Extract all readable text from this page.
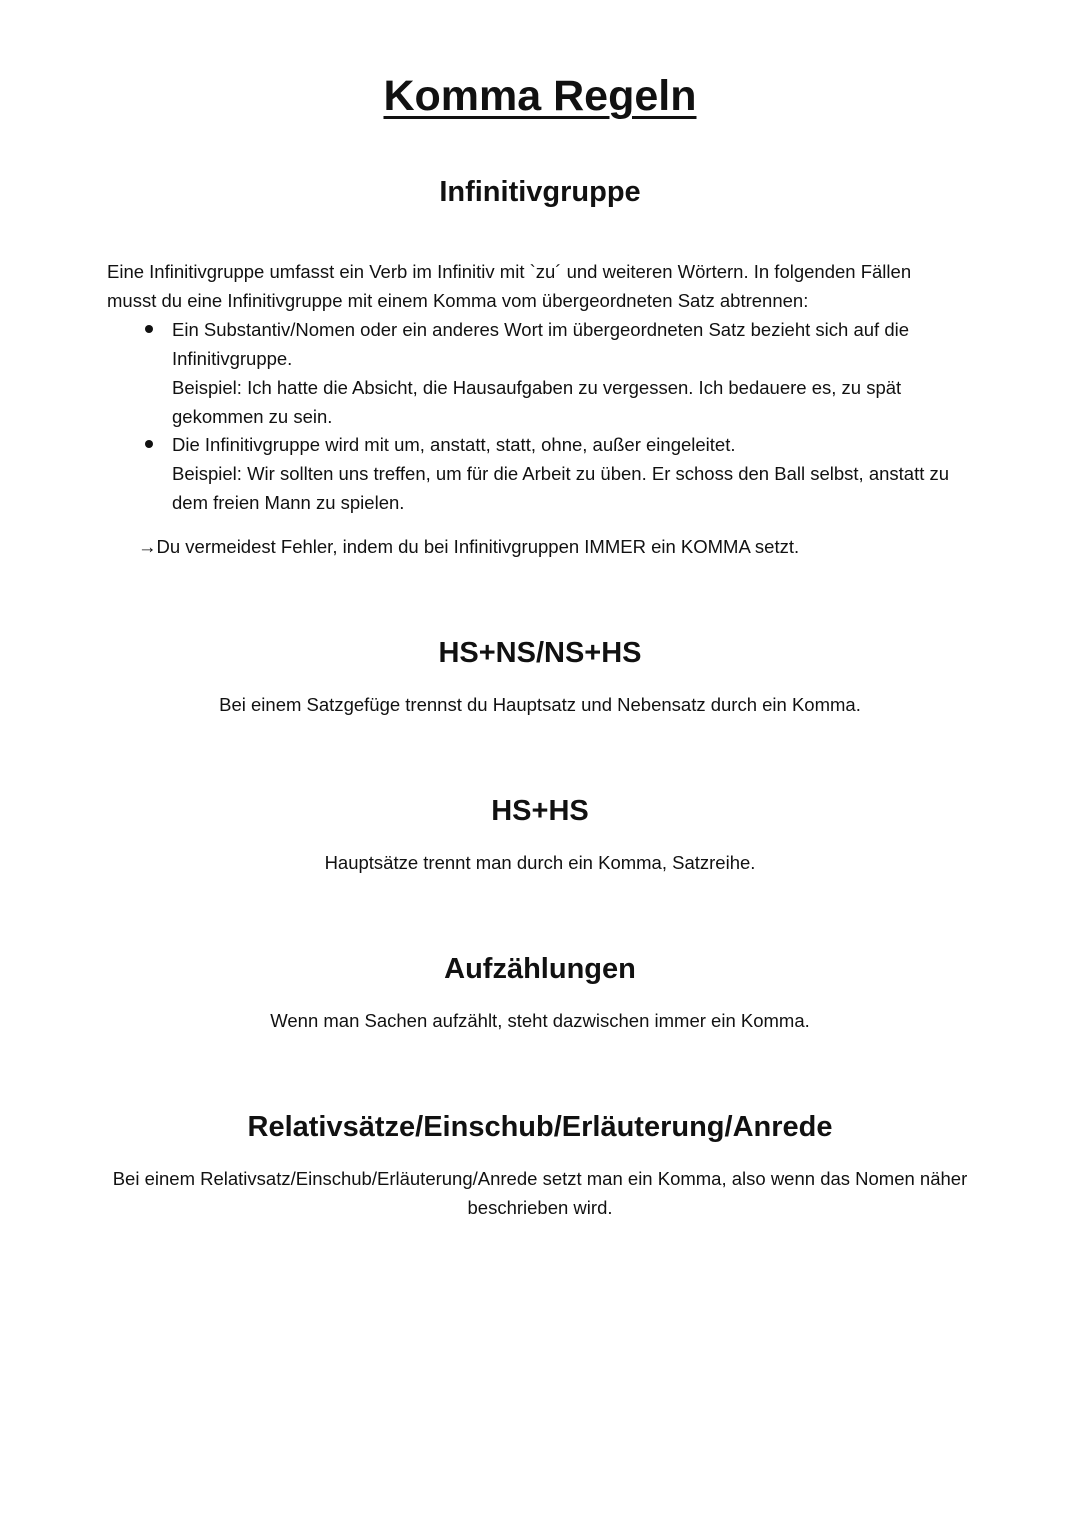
Komma Regeln
Infinitivgruppe
Eine Infinitivgruppe umfasst ein Verb im Infinitiv mit `zu´ und weiteren Wörtern. In folgenden Fällen
musst du eine Infinitivgruppe mit einem Komma vom übergeordneten Satz abtrennen:
Ein Substantiv/Nomen oder ein anderes Wort im übergeordneten Satz bezieht sich auf die
Infinitivgruppe.
Beispiel: Ich hatte die Absicht, die Hausaufgaben zu vergessen. Ich bedauere es, zu spät
gekommen zu sein.
Die Infinitivgruppe wird mit um, anstatt, statt, ohne, außer eingeleitet.
Beispiel: Wir sollten uns treffen, um für die Arbeit zu üben. Er schoss den Ball selbst, anstatt zu
dem freien Mann zu spielen.
→Du vermeidest Fehler, indem du bei Infinitivgruppen IMMER ein KOMMA setzt.
HS+NS/NS+HS
Bei einem Satzgefüge trennst du Hauptsatz und Nebensatz durch ein Komma.
HS+HS
Hauptsätze trennt man durch ein Komma, Satzreihe.
Aufzählungen
Wenn man Sachen aufzählt, steht dazwischen immer ein Komma.
Relativsätze/Einschub/Erläuterung/Anrede
Bei einem Relativsatz/Einschub/Erläuterung/Anrede setzt man ein Komma, also wenn das Nomen näher
beschrieben wird.
